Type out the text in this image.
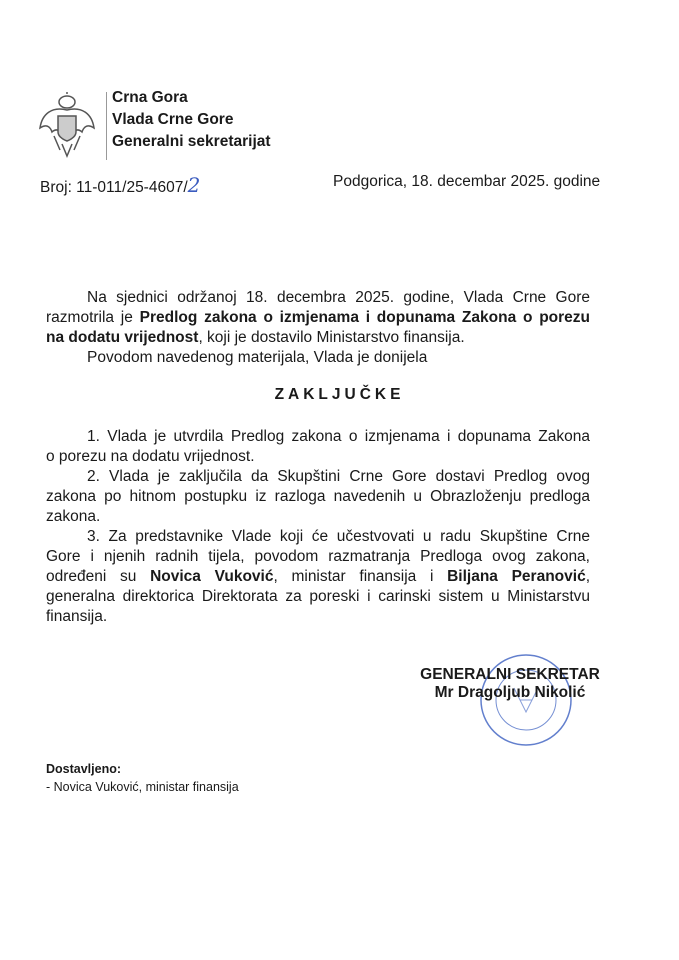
Crna Gora
Vlada Crne Gore
Generalni sekretarijat
Broj: 11-011/25-4607/2	Podgorica, 18. decembar 2025. godine
Na sjednici održanoj 18. decembra 2025. godine, Vlada Crne Gore
razmotrila je Predlog zakona o izmjenama i dopunama Zakona o porezu
na dodatu vrijednost, koji je dostavilo Ministarstvo finansija.
Povodom navedenog materijala, Vlada je donijela
ZAKLJUČKE
1. Vlada je utvrdila Predlog zakona o izmjenama i dopunama Zakona
o porezu na dodatu vrijednost.
2. Vlada je zaključila da Skupštini Crne Gore dostavi Predlog ovog
zakona po hitnom postupku iz razloga navedenih u Obrazloženju predloga
zakona.
3. Za predstavnike Vlade koji će učestvovati u radu Skupštine Crne
Gore i njenih radnih tijela, povodom razmatranja Predloga ovog zakona,
određeni su Novica Vuković, ministar finansija i Biljana Peranović,
generalna direktorica Direktorata za poreski i carinski sistem u Ministarstvu
finansija.
GENERALNI SEKRETAR
Mr Dragoljub Nikolić
Dostavljeno:
- Novica Vuković, ministar finansija
